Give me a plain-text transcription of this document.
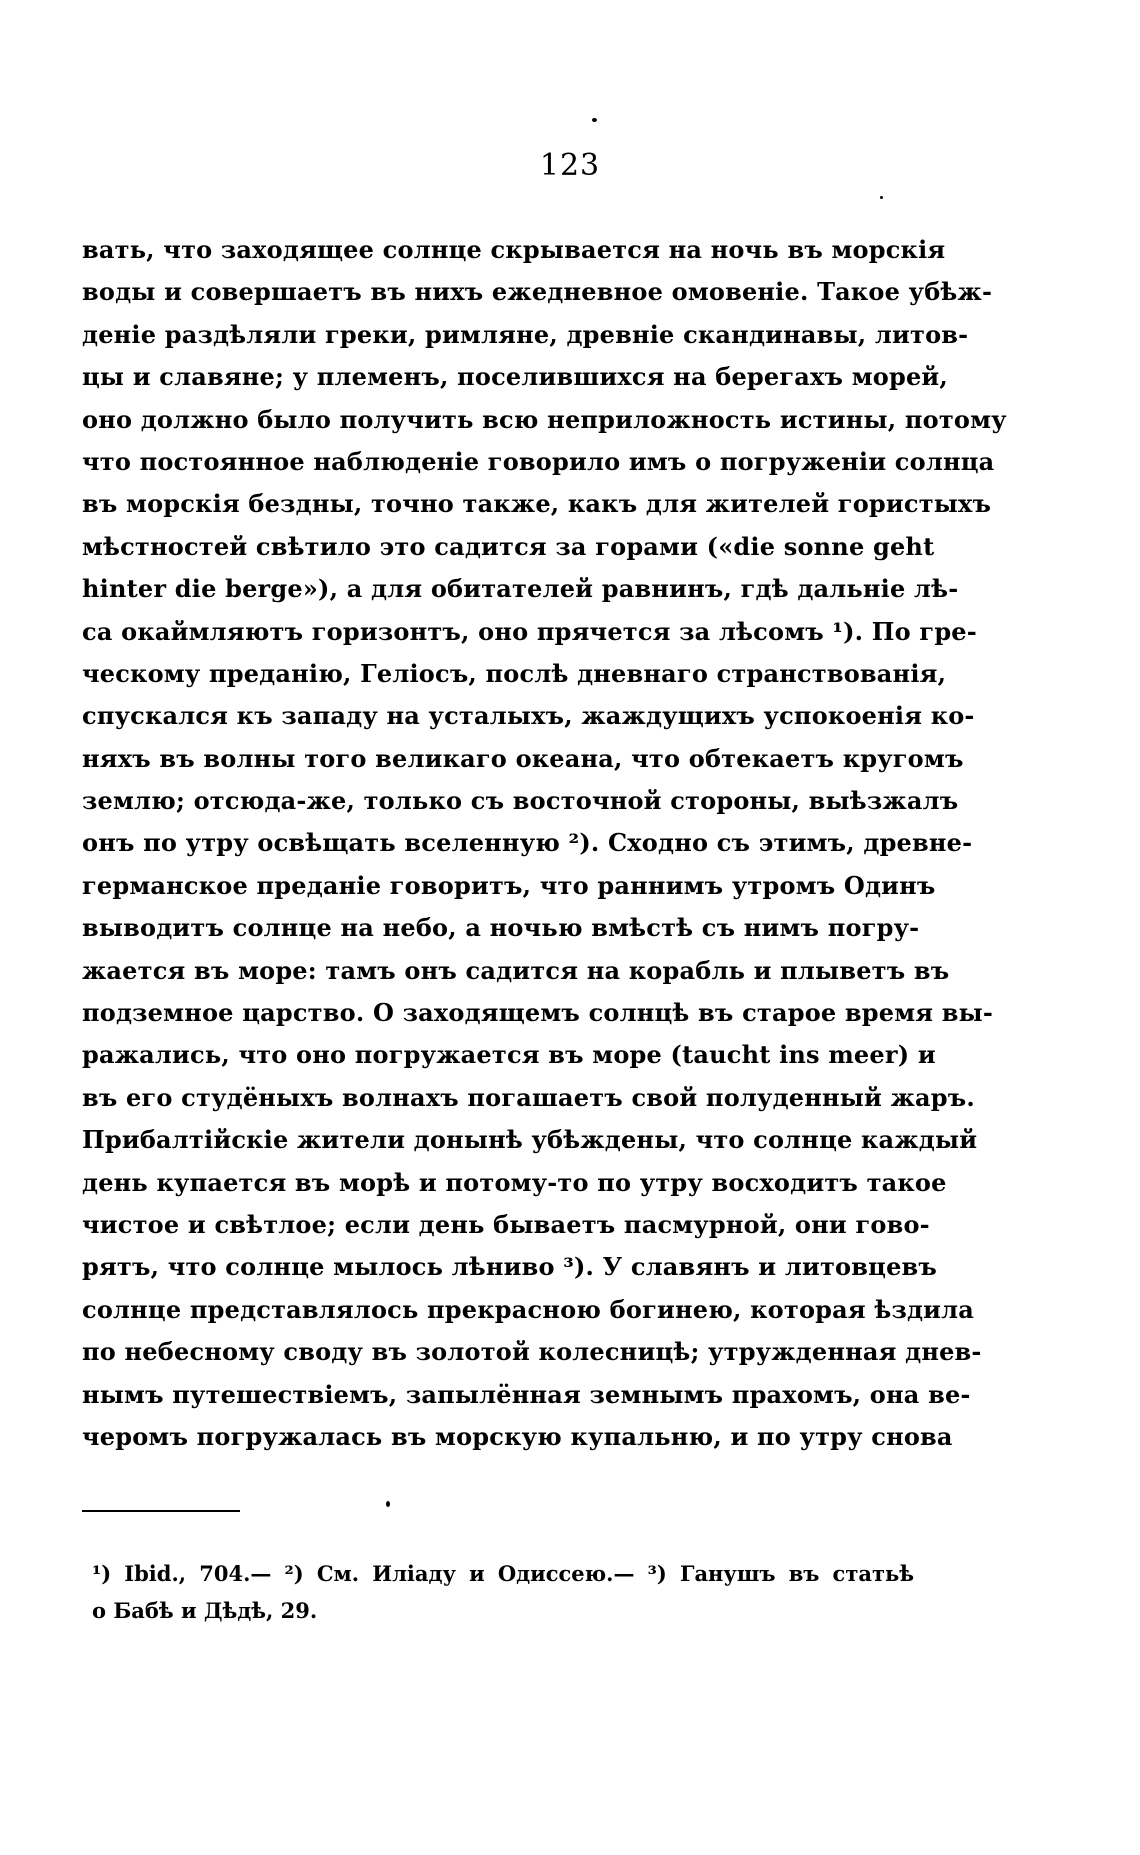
123
вать, что заходящее солнце скрывается на ночь въ морскія
воды и совершаетъ въ нихъ ежедневное омовеніе. Такое убѣж-
деніе раздѣляли греки, римляне, древніе скандинавы, литов-
цы и славяне; у племенъ, поселившихся на берегахъ морей,
оно должно было получить всю неприложность истины, потому
что постоянное наблюденіе говорило имъ о погруженіи солнца
въ морскія бездны, точно также, какъ для жителей гористыхъ
мѣстностей свѣтило это садится за горами («die sonne geht
hinter die berge»), а для обитателей равнинъ, гдѣ дальніе лѣ-
са окаймляютъ горизонтъ, оно прячется за лѣсомъ ¹). По гре-
ческому преданію, Геліосъ, послѣ дневнаго странствованія,
спускался къ западу на усталыхъ, жаждущихъ успокоенія ко-
няхъ въ волны того великаго океана, что обтекаетъ кругомъ
землю; отсюда-же, только съ восточной стороны, выѣзжалъ
онъ по утру освѣщать вселенную ²). Сходно съ этимъ, древне-
германское преданіе говоритъ, что раннимъ утромъ Одинъ
выводитъ солнце на небо, а ночью вмѣстѣ съ нимъ погру-
жается въ море: тамъ онъ садится на корабль и плыветъ въ
подземное царство. О заходящемъ солнцѣ въ старое время вы-
ражались, что оно погружается въ море (taucht ins meer) и
въ его студёныхъ волнахъ погашаетъ свой полуденный жаръ.
Прибалтійскіе жители донынѣ убѣждены, что солнце каждый
день купается въ морѣ и потому-то по утру восходитъ такое
чистое и свѣтлое; если день бываетъ пасмурной, они гово-
рятъ, что солнце мылось лѣниво ³). У славянъ и литовцевъ
солнце представлялось прекрасною богинею, которая ѣздила
по небесному своду въ золотой колесницѣ; утружденная днев-
нымъ путешествіемъ, запылённая земнымъ прахомъ, она ве-
черомъ погружалась въ морскую купальню, и по утру снова
¹) Ibid., 704.— ²) См. Иліаду и Одиссею.— ³) Ганушъ въ статьѣ
о Бабѣ и Дѣдѣ, 29.
